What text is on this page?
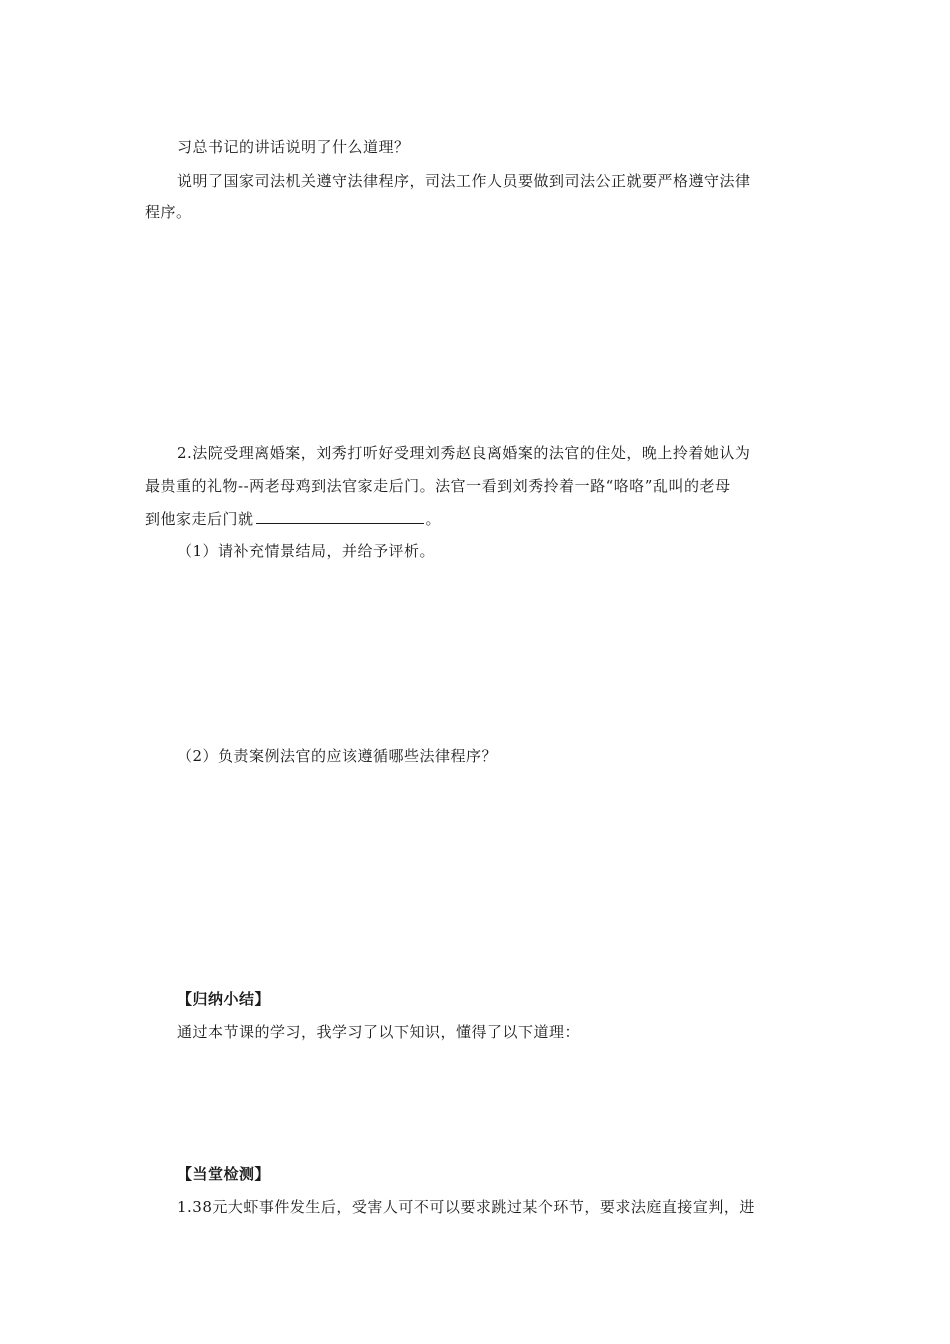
习总书记的讲话说明了什么道理？
说明了国家司法机关遵守法律程序，司法工作人员要做到司法公正就要严格遵守法律
程序。
2.法院受理离婚案，刘秀打听好受理刘秀赵良离婚案的法官的住处，晚上拎着她认为
最贵重的礼物--两老母鸡到法官家走后门。法官一看到刘秀拎着一路“咯咯”乱叫的老母
到他家走后门就	。
（1）请补充情景结局，并给予评析。
（2）负责案例法官的应该遵循哪些法律程序？
【归纳小结】
通过本节课的学习，我学习了以下知识，懂得了以下道理：
【当堂检测】
1.38元大虾事件发生后，受害人可不可以要求跳过某个环节，要求法庭直接宣判，进
